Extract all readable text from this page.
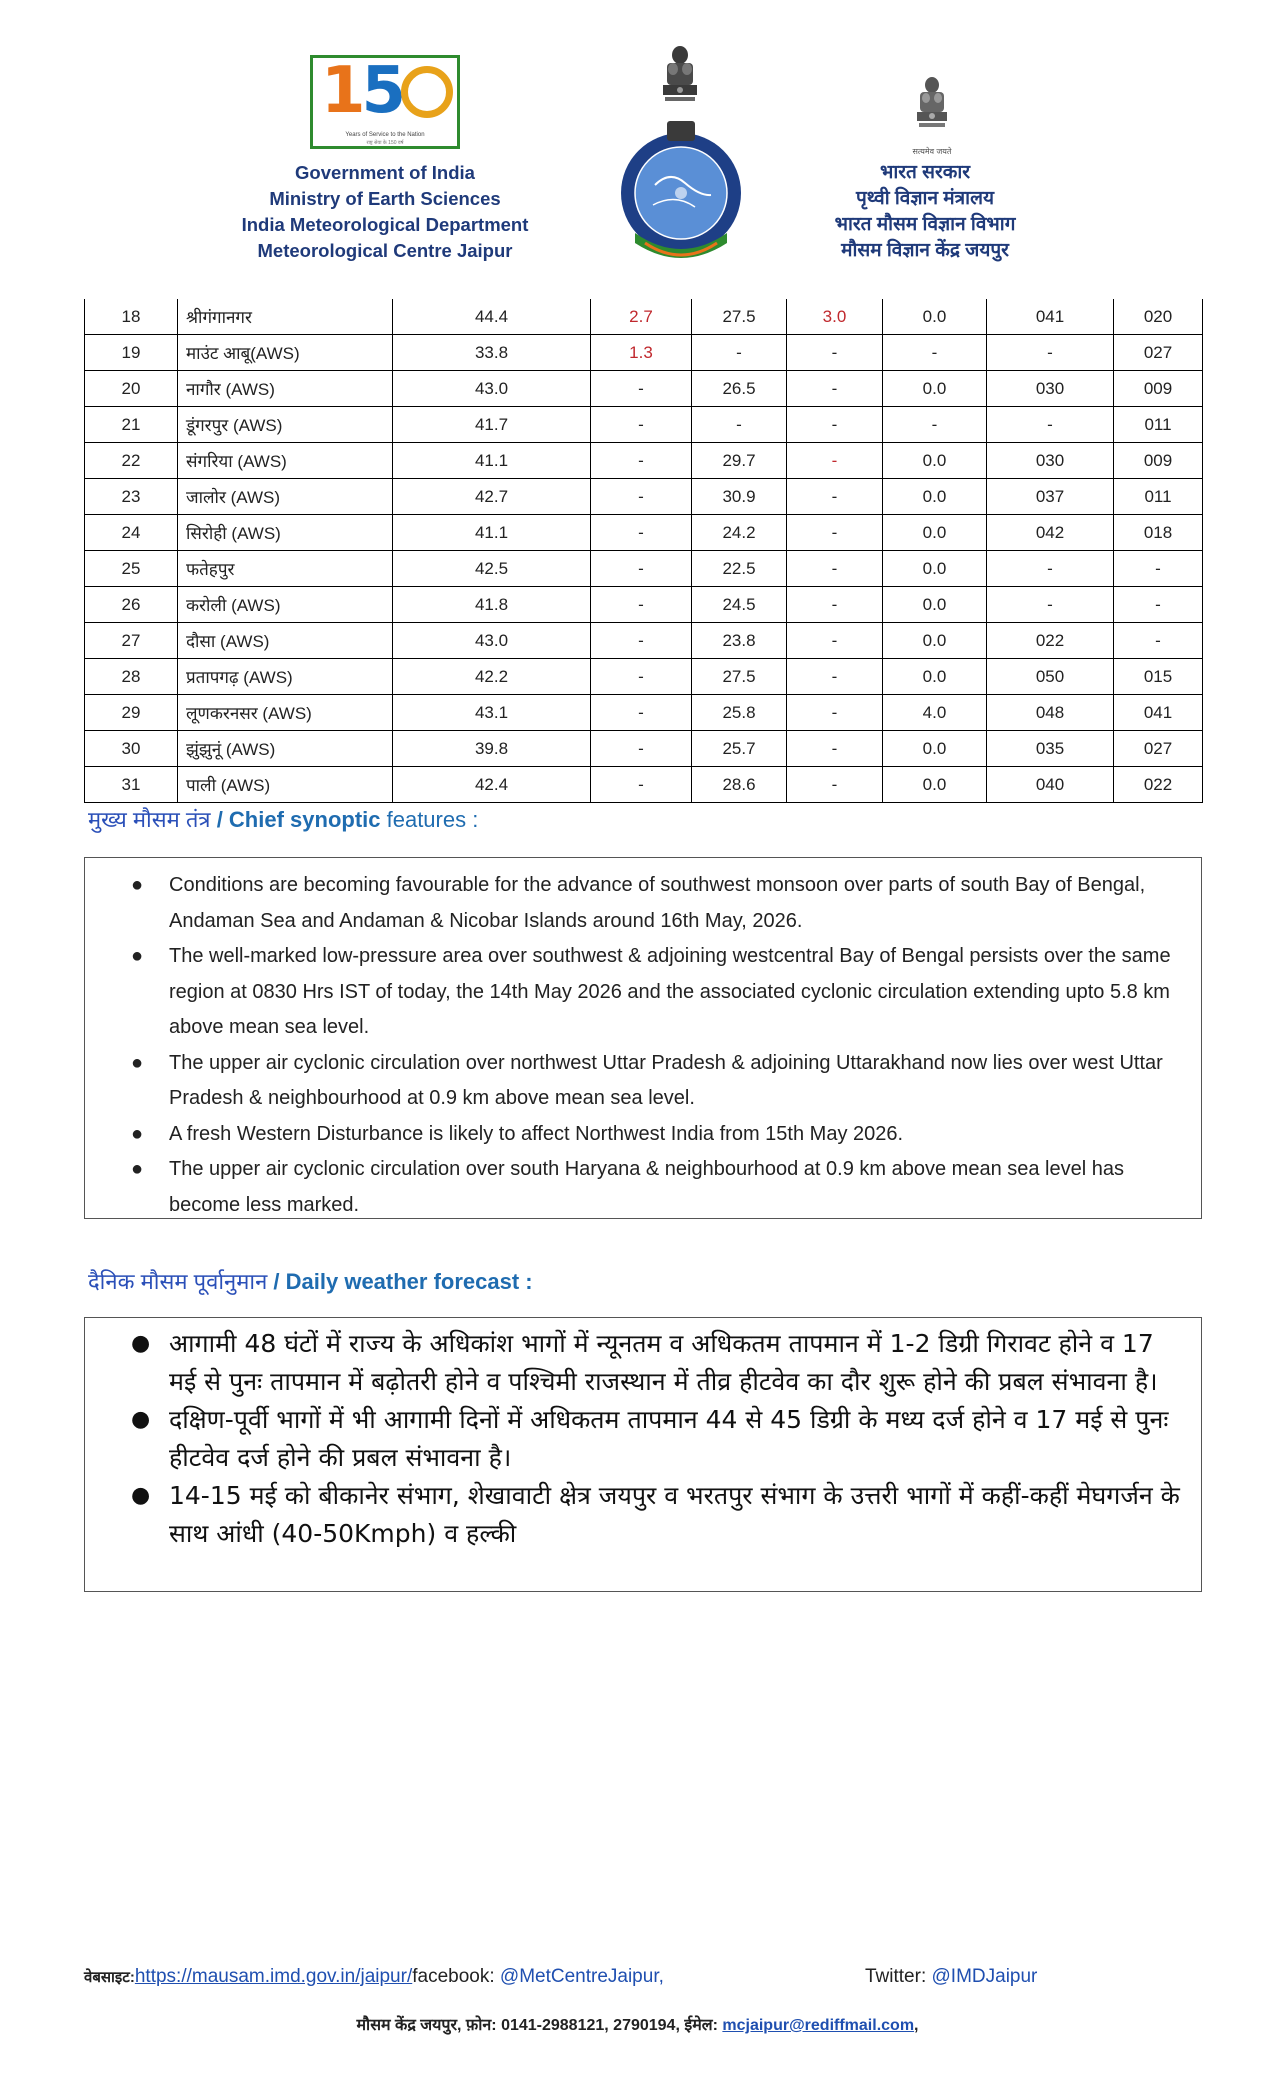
15
Years of Service to the Nation
राष्ट्र सेवा के 150 वर्ष
Government of India
Ministry of Earth Sciences
India Meteorological Department
Meteorological Centre Jaipur
सत्यमेव जयते
भारत सरकार
पृथ्वी विज्ञान मंत्रालय
भारत मौसम विज्ञान विभाग
मौसम विज्ञान केंद्र जयपुर
18	श्रीगंगानगर	44.4	2.7	27.5	3.0	0.0	041	020
19	माउंट आबू(AWS)	33.8	1.3	-	-	-	-	027
20	नागौर (AWS)	43.0	-	26.5	-	0.0	030	009
21	डूंगरपुर (AWS)	41.7	-	-	-	-	-	011
22	संगरिया (AWS)	41.1	-	29.7	-	0.0	030	009
23	जालोर (AWS)	42.7	-	30.9	-	0.0	037	011
24	सिरोही (AWS)	41.1	-	24.2	-	0.0	042	018
25	फतेहपुर	42.5	-	22.5	-	0.0	-	-
26	करोली (AWS)	41.8	-	24.5	-	0.0	-	-
27	दौसा (AWS)	43.0	-	23.8	-	0.0	022	-
28	प्रतापगढ़ (AWS)	42.2	-	27.5	-	0.0	050	015
29	लूणकरनसर (AWS)	43.1	-	25.8	-	4.0	048	041
30	झुंझुनूं (AWS)	39.8	-	25.7	-	0.0	035	027
31	पाली (AWS)	42.4	-	28.6	-	0.0	040	022
मुख्य मौसम तंत्र / Chief synoptic features :
● Conditions are becoming favourable for the advance of southwest monsoon over parts of south Bay of Bengal, Andaman Sea and Andaman & Nicobar Islands around 16th May, 2026.
● The well-marked low-pressure area over southwest & adjoining westcentral Bay of Bengal persists over the same region at 0830 Hrs IST of today, the 14th May 2026 and the associated cyclonic circulation extending upto 5.8 km above mean sea level.
● The upper air cyclonic circulation over northwest Uttar Pradesh & adjoining Uttarakhand now lies over west Uttar Pradesh & neighbourhood at 0.9 km above mean sea level.
● A fresh Western Disturbance is likely to affect Northwest India from 15th May 2026.
● The upper air cyclonic circulation over south Haryana & neighbourhood at 0.9 km above mean sea level has become less marked.
दैनिक मौसम पूर्वानुमान / Daily weather forecast :
● आगामी 48 घंटों में राज्य के अधिकांश भागों में न्यूनतम व अधिकतम तापमान में 1-2 डिग्री गिरावट होने व 17 मई से पुनः तापमान में बढ़ोतरी होने व पश्चिमी राजस्थान में तीव्र हीटवेव का दौर शुरू होने की प्रबल संभावना है।
● दक्षिण-पूर्वी भागों में भी आगामी दिनों में अधिकतम तापमान 44 से 45 डिग्री के मध्य दर्ज होने व 17 मई से पुनः हीटवेव दर्ज होने की प्रबल संभावना है।
● 14-15 मई को बीकानेर संभाग, शेखावाटी क्षेत्र जयपुर व भरतपुर संभाग के उत्तरी भागों में कहीं-कहीं मेघगर्जन के साथ आंधी (40-50Kmph) व हल्की
वेबसाइट:https://mausam.imd.gov.in/jaipur/facebook: @MetCentreJaipur,	Twitter: @IMDJaipur
मौसम केंद्र जयपुर, फ़ोन: 0141-2988121, 2790194, ईमेल: mcjaipur@rediffmail.com,
